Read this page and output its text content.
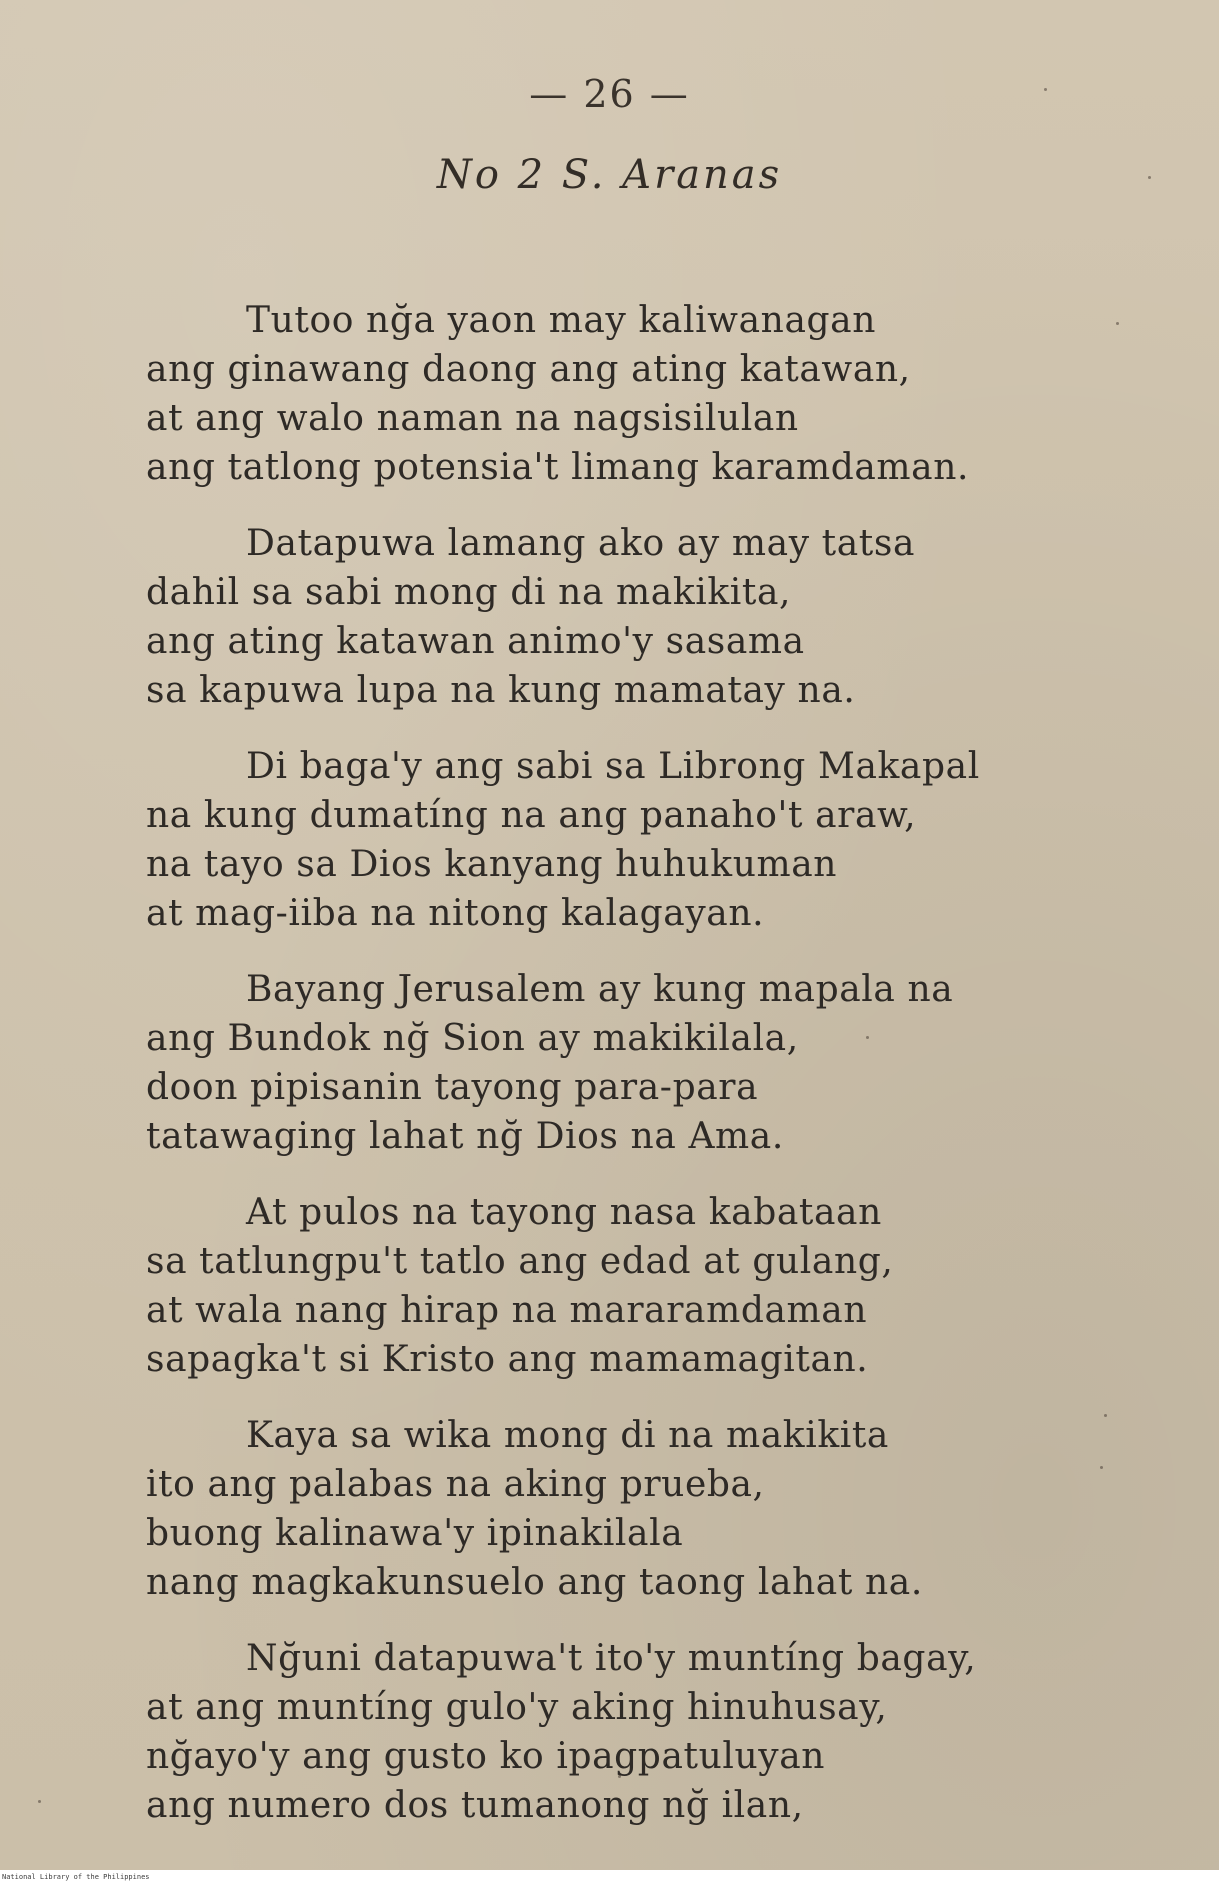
— 26 —
No 2 S. Aranas
Tutoo nğa yaon may kaliwanagan
ang ginawang daong ang ating katawan,
at ang walo naman na nagsisilulan
ang tatlong potensia't limang karamdaman.
Datapuwa lamang ako ay may tatsa
dahil sa sabi mong di na makikita,
ang ating katawan animo'y sasama
sa kapuwa lupa na kung mamatay na.
Di baga'y ang sabi sa Librong Makapal
na kung dumatíng na ang panaho't araw,
na tayo sa Dios kanyang huhukuman
at mag-iiba na nitong kalagayan.
Bayang Jerusalem ay kung mapala na
ang Bundok nğ Sion ay makikilala,
doon pipisanin tayong para-para
tatawaging lahat nğ Dios na Ama.
At pulos na tayong nasa kabataan
sa tatlungpu't tatlo ang edad at gulang,
at wala nang hirap na mararamdaman
sapagka't si Kristo ang mamamagitan.
Kaya sa wika mong di na makikita
ito ang palabas na aking prueba,
buong kalinawa'y ipinakilala
nang magkakunsuelo ang taong lahat na.
Nğuni datapuwa't ito'y muntíng bagay,
at ang muntíng gulo'y aking hinuhusay,
nğayo'y ang gusto ko ipagpatuluyan
ang numero dos tumanong nğ ilan,
National Library of the Philippines
